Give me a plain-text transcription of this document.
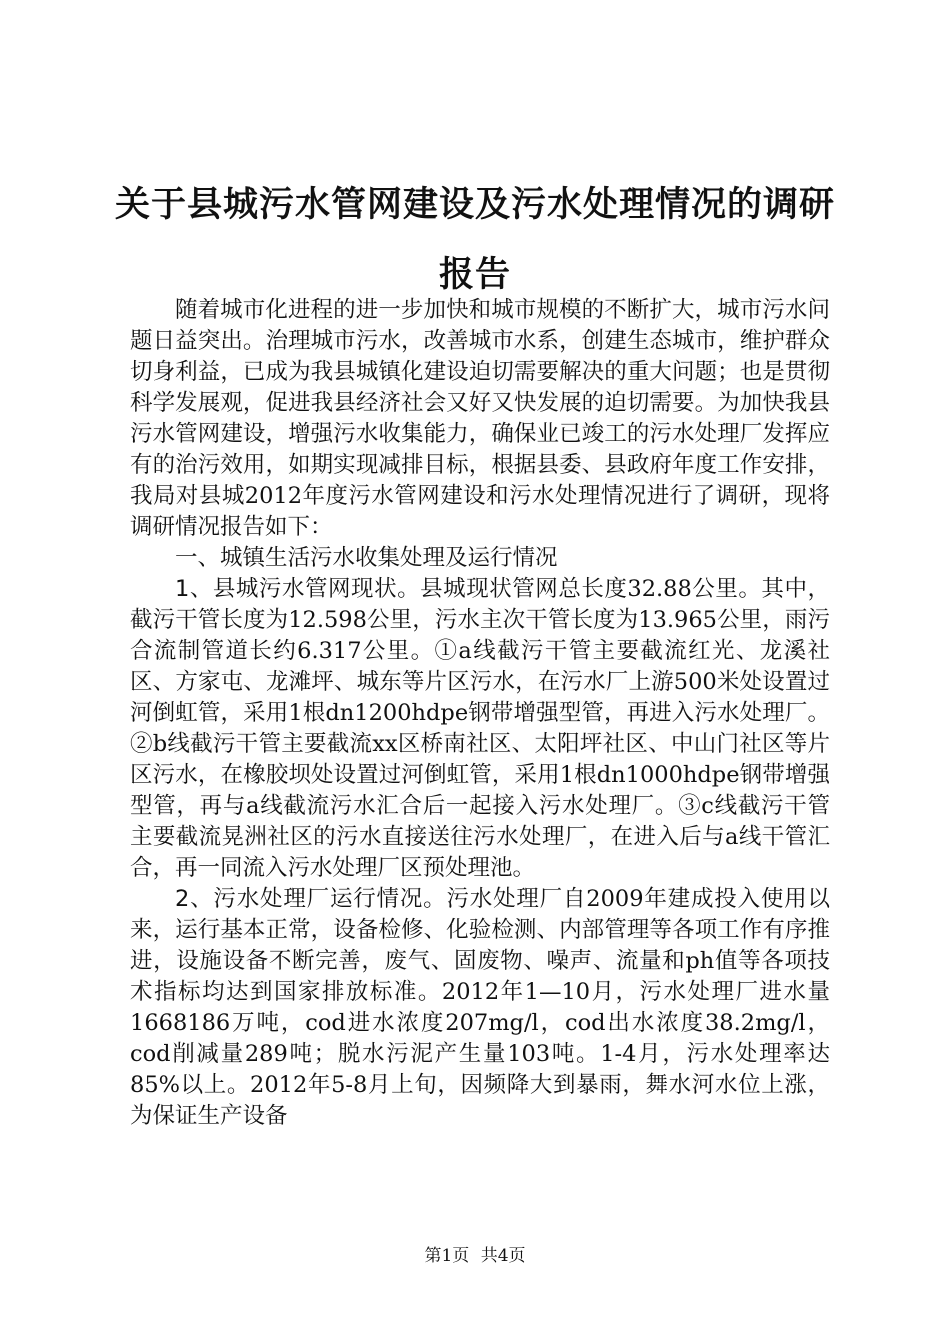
关于县城污水管网建设及污水处理情况的调研
报告

随着城市化进程的进一步加快和城市规模的不断扩大，城市污水问题日益突出。治理城市污水，改善城市水系，创建生态城市，维护群众切身利益，已成为我县城镇化建设迫切需要解决的重大问题；也是贯彻科学发展观，促进我县经济社会又好又快发展的迫切需要。为加快我县污水管网建设，增强污水收集能力，确保业已竣工的污水处理厂发挥应有的治污效用，如期实现减排目标，根据县委、县政府年度工作安排，我局对县城2012年度污水管网建设和污水处理情况进行了调研，现将调研情况报告如下：

一、城镇生活污水收集处理及运行情况

1、县城污水管网现状。县城现状管网总长度32.88公里。其中，截污干管长度为12.598公里，污水主次干管长度为13.965公里，雨污合流制管道长约6.317公里。①a线截污干管主要截流红光、龙溪社区、方家屯、龙滩坪、城东等片区污水，在污水厂上游500米处设置过河倒虹管，采用1根dn1200hdpe钢带增强型管，再进入污水处理厂。②b线截污干管主要截流xx区桥南社区、太阳坪社区、中山门社区等片区污水，在橡胶坝处设置过河倒虹管，采用1根dn1000hdpe钢带增强型管，再与a线截流污水汇合后一起接入污水处理厂。③c线截污干管主要截流晃洲社区的污水直接送往污水处理厂，在进入后与a线干管汇合，再一同流入污水处理厂区预处理池。

2、污水处理厂运行情况。污水处理厂自2009年建成投入使用以来，运行基本正常，设备检修、化验检测、内部管理等各项工作有序推进，设施设备不断完善，废气、固废物、噪声、流量和ph值等各项技术指标均达到国家排放标准。2012年1—10月，污水处理厂进水量1668186万吨，cod进水浓度207mg/l，cod出水浓度38.2mg/l，cod削减量289吨；脱水污泥产生量103吨。1-4月，污水处理率达85%以上。2012年5-8月上旬，因频降大到暴雨，舞水河水位上涨，为保证生产设备

第1页 共4页
